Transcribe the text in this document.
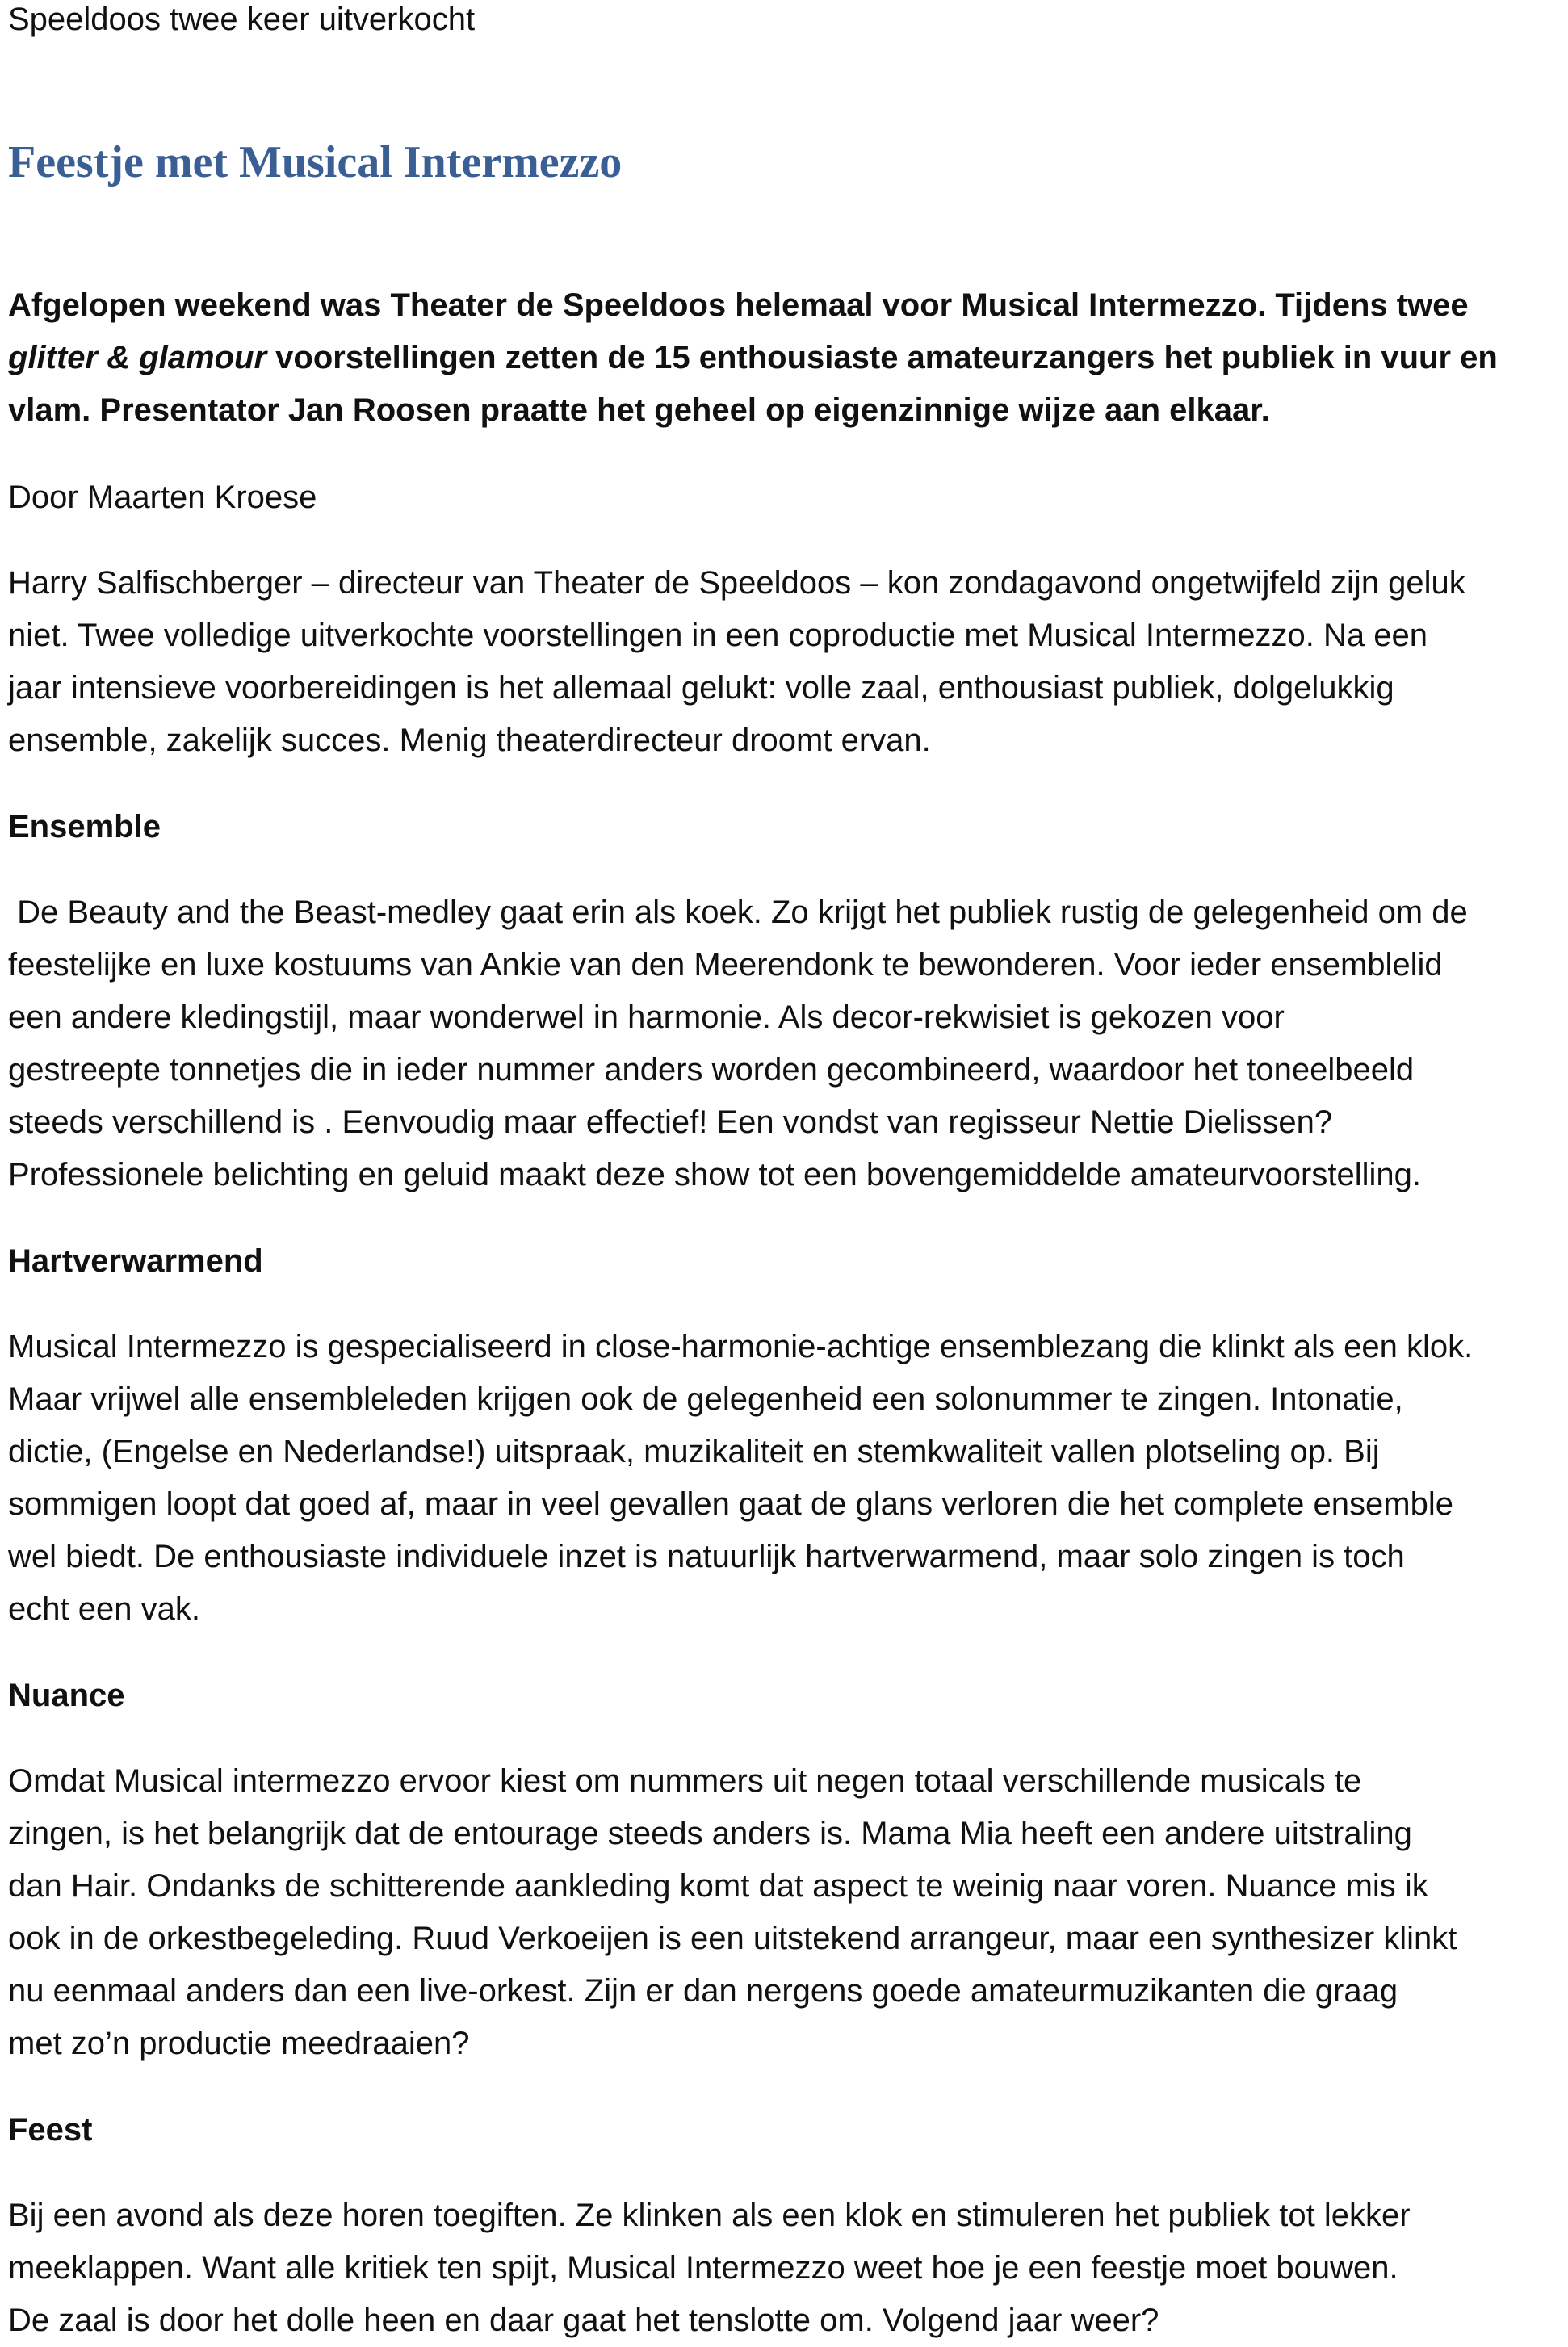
Speeldoos twee keer uitverkocht
Feestje met Musical Intermezzo

Afgelopen weekend was Theater de Speeldoos helemaal voor Musical Intermezzo. Tijdens twee
glitter & glamour voorstellingen zetten de 15 enthousiaste amateurzangers het publiek in vuur en
vlam. Presentator Jan Roosen praatte het geheel op eigenzinnige wijze aan elkaar.

Door Maarten Kroese

Harry Salfischberger – directeur van Theater de Speeldoos – kon zondagavond ongetwijfeld zijn geluk
niet. Twee volledige uitverkochte voorstellingen in een coproductie met Musical Intermezzo. Na een
jaar intensieve voorbereidingen is het allemaal gelukt: volle zaal, enthousiast publiek, dolgelukkig
ensemble, zakelijk succes. Menig theaterdirecteur droomt ervan.

Ensemble

De Beauty and the Beast-medley gaat erin als koek. Zo krijgt het publiek rustig de gelegenheid om de
feestelijke en luxe kostuums van Ankie van den Meerendonk te bewonderen. Voor ieder ensemblelid
een andere kledingstijl, maar wonderwel in harmonie. Als decor-rekwisiet is gekozen voor
gestreepte tonnetjes die in ieder nummer anders worden gecombineerd, waardoor het toneelbeeld
steeds verschillend is . Eenvoudig maar effectief! Een vondst van regisseur Nettie Dielissen?
Professionele belichting en geluid maakt deze show tot een bovengemiddelde amateurvoorstelling.

Hartverwarmend

Musical Intermezzo is gespecialiseerd in close-harmonie-achtige ensemblezang die klinkt als een klok.
Maar vrijwel alle ensembleleden krijgen ook de gelegenheid een solonummer te zingen. Intonatie,
dictie, (Engelse en Nederlandse!) uitspraak, muzikaliteit en stemkwaliteit vallen plotseling op. Bij
sommigen loopt dat goed af, maar in veel gevallen gaat de glans verloren die het complete ensemble
wel biedt. De enthousiaste individuele inzet is natuurlijk hartverwarmend, maar solo zingen is toch
echt een vak.

Nuance

Omdat Musical intermezzo ervoor kiest om nummers uit negen totaal verschillende musicals te
zingen, is het belangrijk dat de entourage steeds anders is. Mama Mia heeft een andere uitstraling
dan Hair. Ondanks de schitterende aankleding komt dat aspect te weinig naar voren. Nuance mis ik
ook in de orkestbegeleding. Ruud Verkoeijen is een uitstekend arrangeur, maar een synthesizer klinkt
nu eenmaal anders dan een live-orkest. Zijn er dan nergens goede amateurmuzikanten die graag
met zo’n productie meedraaien?

Feest

Bij een avond als deze horen toegiften. Ze klinken als een klok en stimuleren het publiek tot lekker
meeklappen. Want alle kritiek ten spijt, Musical Intermezzo weet hoe je een feestje moet bouwen.
De zaal is door het dolle heen en daar gaat het tenslotte om. Volgend jaar weer?
